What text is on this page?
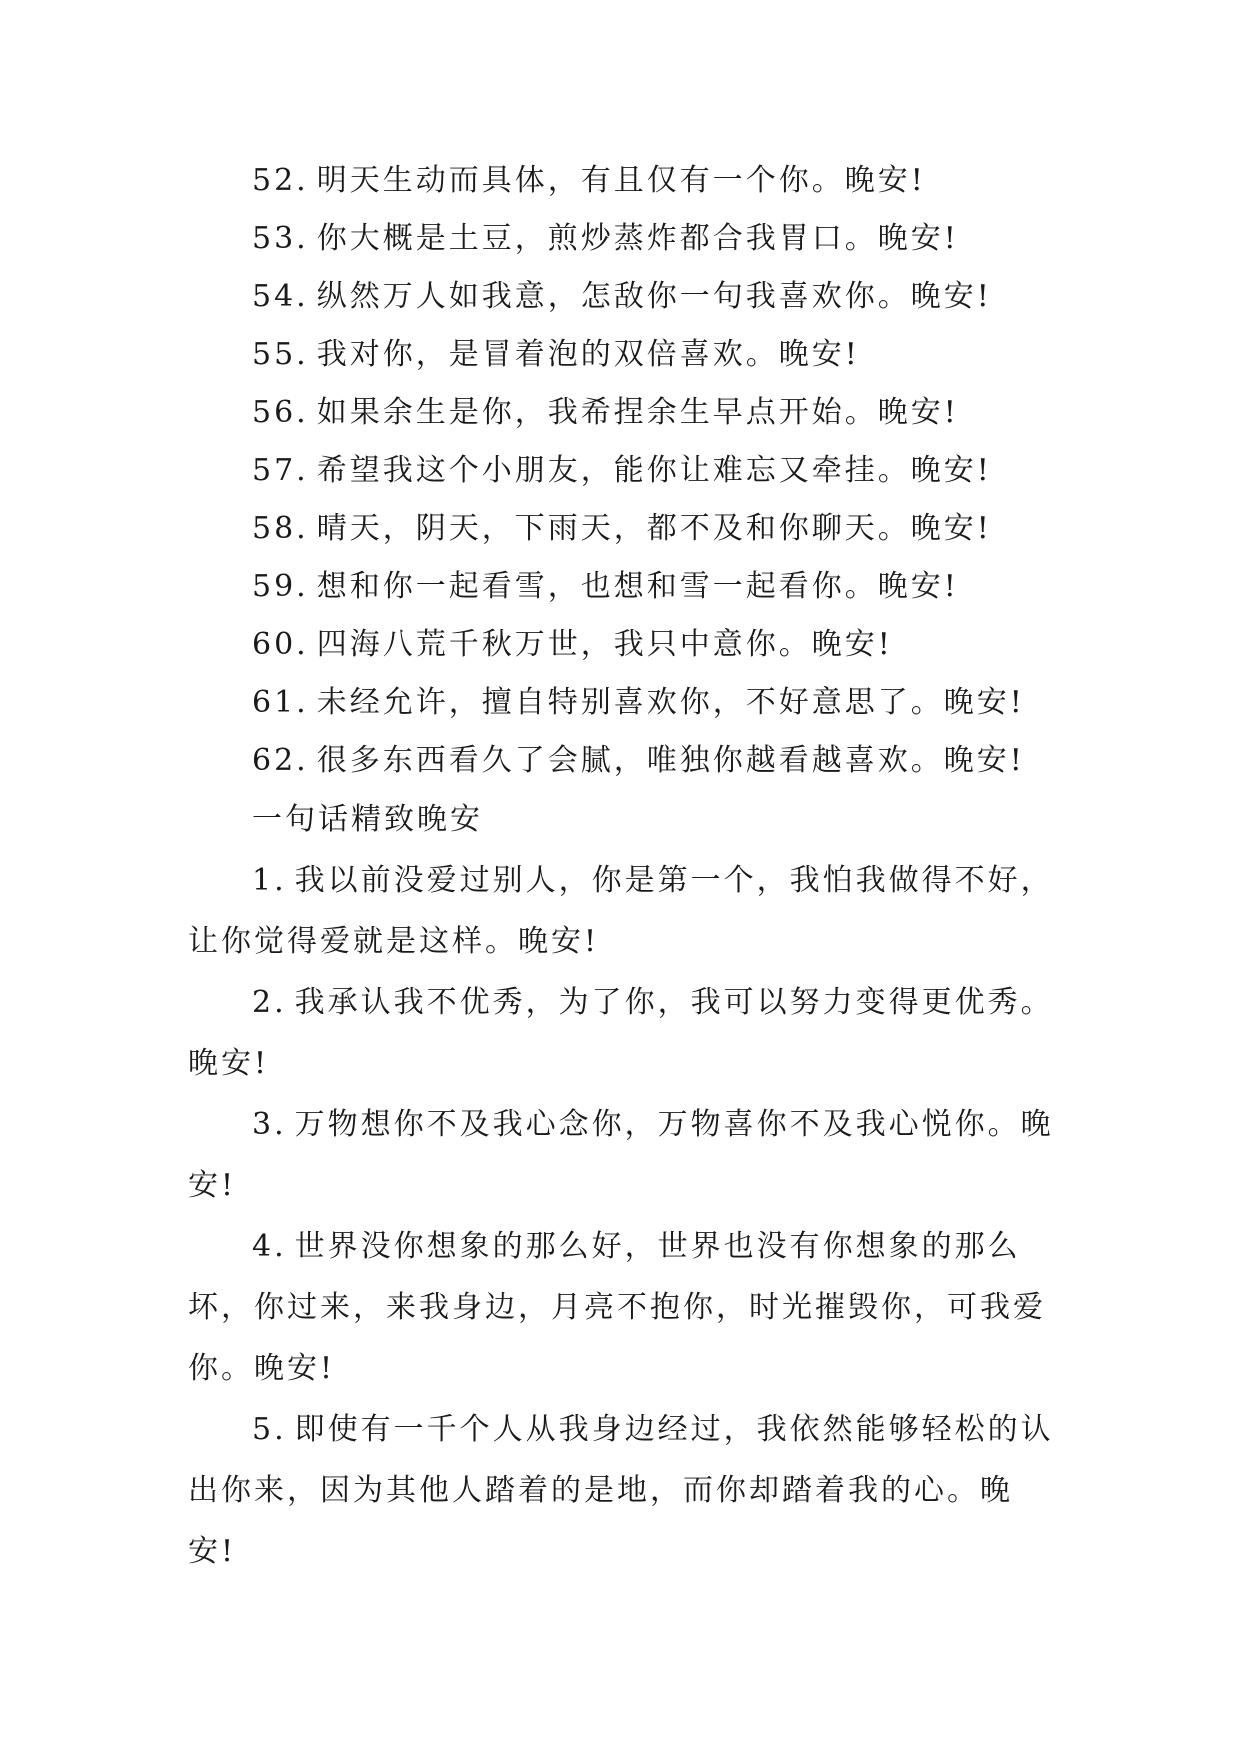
52. 明天生动而具体，有且仅有一个你。晚安!

53. 你大概是土豆，煎炒蒸炸都合我胃口。晚安!

54. 纵然万人如我意，怎敌你一句我喜欢你。晚安!

55. 我对你，是冒着泡的双倍喜欢。晚安!

56. 如果余生是你，我希捏余生早点开始。晚安!

57. 希望我这个小朋友，能你让难忘又牵挂。晚安!

58. 晴天，阴天，下雨天，都不及和你聊天。晚安!

59. 想和你一起看雪，也想和雪一起看你。晚安!

60. 四海八荒千秋万世，我只中意你。晚安!

61. 未经允许，擅自特别喜欢你，不好意思了。晚安!

62. 很多东西看久了会腻，唯独你越看越喜欢。晚安!

一句话精致晚安

1. 我以前没爱过别人，你是第一个，我怕我做得不好，让你觉得爱就是这样。晚安!

2. 我承认我不优秀，为了你，我可以努力变得更优秀。晚安!

3. 万物想你不及我心念你，万物喜你不及我心悦你。晚安!

4. 世界没你想象的那么好，世界也没有你想象的那么坏，你过来，来我身边，月亮不抱你，时光摧毁你，可我爱你。晚安!

5. 即使有一千个人从我身边经过，我依然能够轻松的认出你来，因为其他人踏着的是地，而你却踏着我的心。晚安!
